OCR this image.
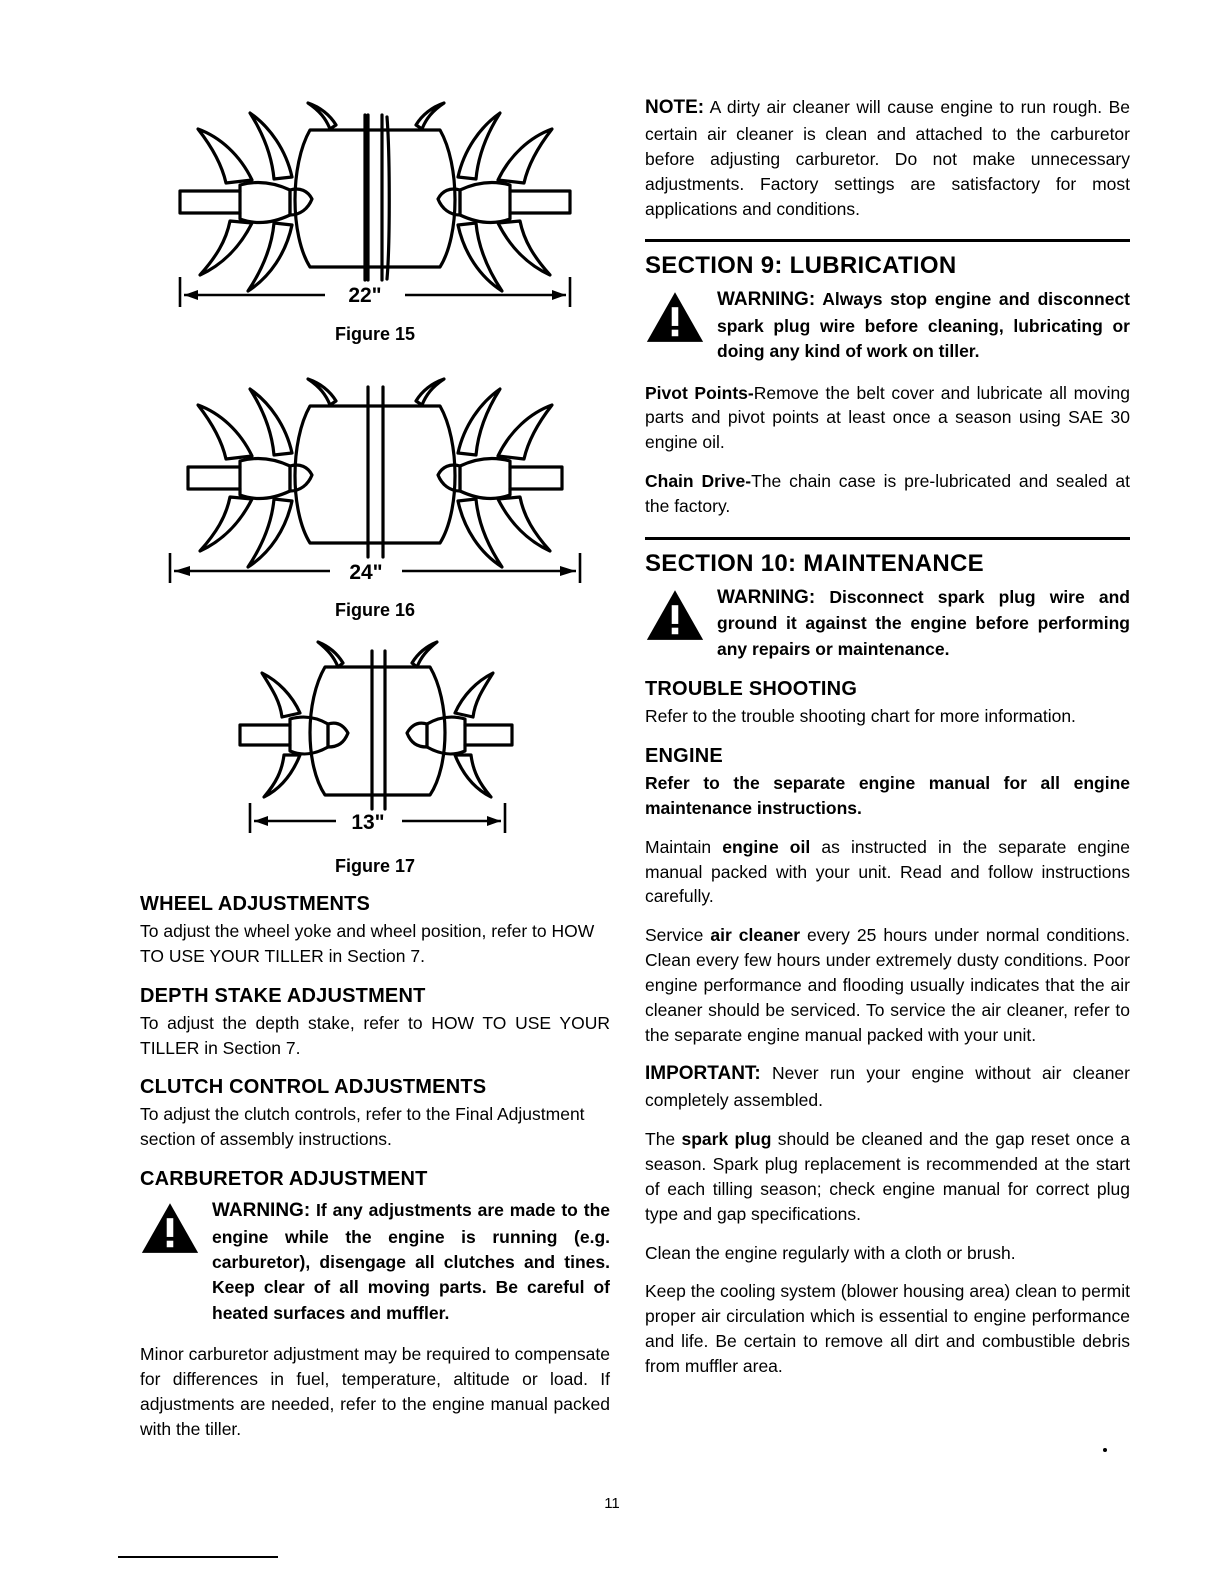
22"
Figure 15
24"
Figure 16
13"
Figure 17
WHEEL ADJUSTMENTS

To adjust the wheel yoke and wheel position, refer to HOW TO USE YOUR TILLER in Section 7.

DEPTH STAKE ADJUSTMENT

To adjust the depth stake, refer to HOW TO USE YOUR TILLER in Section 7.

CLUTCH CONTROL ADJUSTMENTS

To adjust the clutch controls, refer to the Final Adjustment section of assembly instructions.

CARBURETOR ADJUSTMENT
WARNING: If any adjustments are made to the engine while the engine is running (e.g. carburetor), disengage all clutches and tines. Keep clear of all moving parts. Be careful of heated surfaces and muffler.

Minor carburetor adjustment may be required to compensate for differences in fuel, temperature, altitude or load. If adjustments are needed, refer to the engine manual packed with the tiller.

NOTE: A dirty air cleaner will cause engine to run rough. Be certain air cleaner is clean and attached to the carburetor before adjusting carburetor. Do not make unnecessary adjustments. Factory settings are satisfactory for most applications and conditions.

SECTION 9: LUBRICATION
WARNING: Always stop engine and disconnect spark plug wire before cleaning, lubricating or doing any kind of work on tiller.

Pivot Points-Remove the belt cover and lubricate all moving parts and pivot points at least once a season using SAE 30 engine oil.

Chain Drive-The chain case is pre-lubricated and sealed at the factory.

SECTION 10: MAINTENANCE
WARNING: Disconnect spark plug wire and ground it against the engine before performing any repairs or maintenance.
TROUBLE SHOOTING

Refer to the trouble shooting chart for more information.

ENGINE

Refer to the separate engine manual for all engine maintenance instructions.

Maintain engine oil as instructed in the separate engine manual packed with your unit. Read and follow instructions carefully.

Service air cleaner every 25 hours under normal conditions. Clean every few hours under extremely dusty conditions. Poor engine performance and flooding usually indicates that the air cleaner should be serviced. To service the air cleaner, refer to the separate engine manual packed with your unit.

IMPORTANT: Never run your engine without air cleaner completely assembled.

The spark plug should be cleaned and the gap reset once a season. Spark plug replacement is recommended at the start of each tilling season; check engine manual for correct plug type and gap specifications.

Clean the engine regularly with a cloth or brush.

Keep the cooling system (blower housing area) clean to permit proper air circulation which is essential to engine performance and life. Be certain to remove all dirt and combustible debris from muffler area.

11
